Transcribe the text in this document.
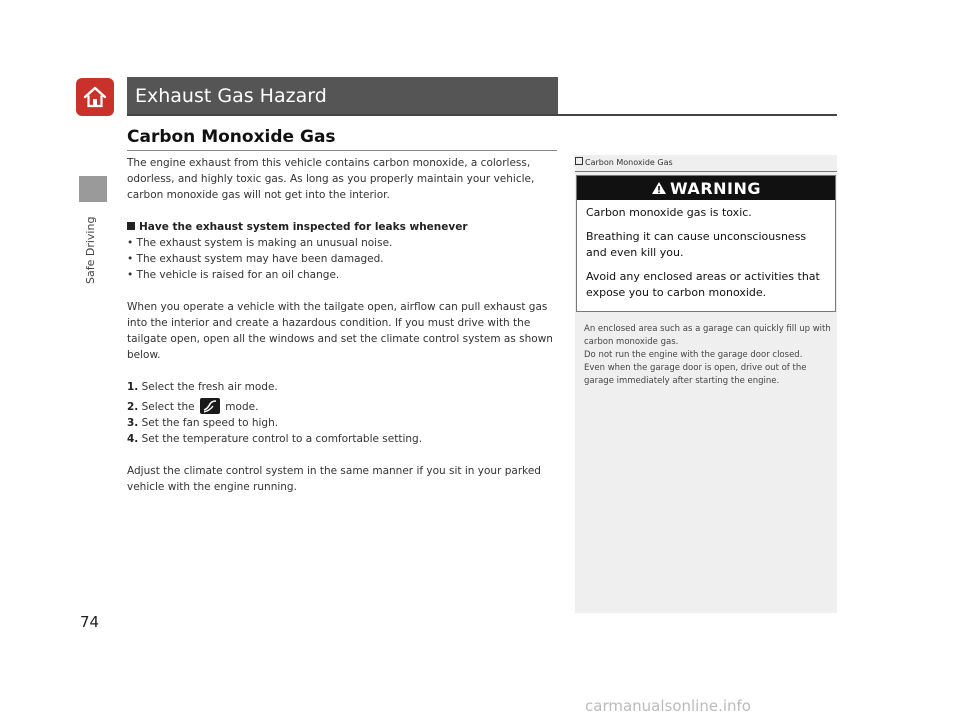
Safe Driving
74
Exhaust Gas Hazard
Carbon Monoxide Gas

The engine exhaust from this vehicle contains carbon monoxide, a colorless, odorless, and highly toxic gas. As long as you properly maintain your vehicle, carbon monoxide gas will not get into the interior.

Have the exhaust system inspected for leaks whenever

• The exhaust system is making an unusual noise.

• The exhaust system may have been damaged.

• The vehicle is raised for an oil change.

When you operate a vehicle with the tailgate open, airflow can pull exhaust gas into the interior and create a hazardous condition. If you must drive with the tailgate open, open all the windows and set the climate control system as shown below.

1. Select the fresh air mode.

2. Select the	mode.

3. Set the fan speed to high.

4. Set the temperature control to a comfortable setting.

Adjust the climate control system in the same manner if you sit in your parked vehicle with the engine running.

Carbon Monoxide Gas
WARNING

Carbon monoxide gas is toxic.

Breathing it can cause unconsciousness and even kill you.

Avoid any enclosed areas or activities that expose you to carbon monoxide.

An enclosed area such as a garage can quickly fill up with carbon monoxide gas.

Do not run the engine with the garage door closed.

Even when the garage door is open, drive out of the garage immediately after starting the engine.

carmanualsonline.info
